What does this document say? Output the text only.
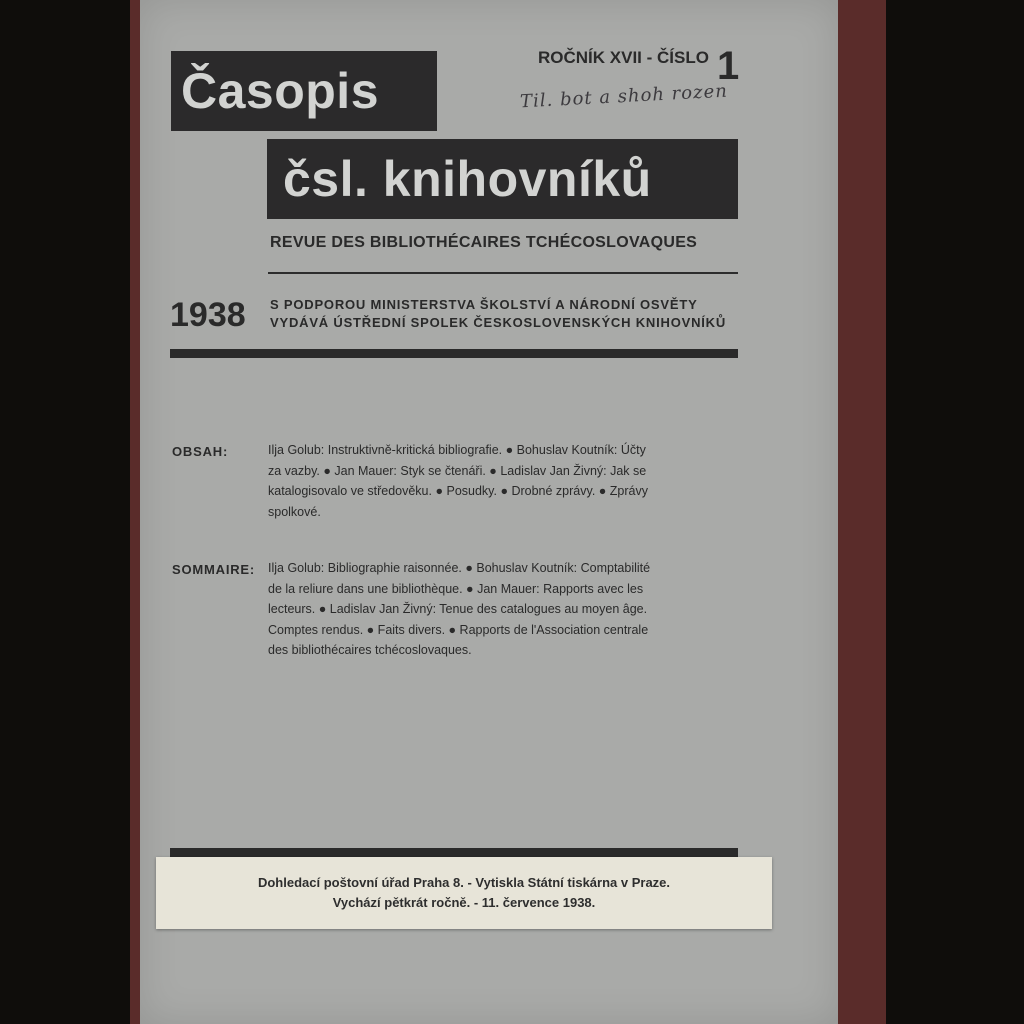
Časopis
čsl. knihovníků
ROČNÍK XVII - ČÍSLO 1
Til. bot a shoh rozen
REVUE DES BIBLIOTHÉCAIRES TCHÉCOSLOVAQUES
1938 S PODPOROU MINISTERSTVA ŠKOLSTVÍ A NÁRODNÍ OSVĚTY
VYDÁVÁ ÚSTŘEDNÍ SPOLEK ČESKOSLOVENSKÝCH KNIHOVNÍKŮ
OBSAH:	Ilja Golub: Instruktivně-kritická bibliografie. ● Bohuslav Koutník: Účty
za vazby. ● Jan Mauer: Styk se čtenáři. ● Ladislav Jan Živný: Jak se
katalogisovalo ve středověku. ● Posudky. ● Drobné zprávy. ● Zprávy
spolkové.
SOMMAIRE: Ilja Golub: Bibliographie raisonnée. ● Bohuslav Koutník: Comptabilité
de la reliure dans une bibliothèque. ● Jan Mauer: Rapports avec les
lecteurs. ● Ladislav Jan Živný: Tenue des catalogues au moyen âge.
Comptes rendus. ● Faits divers. ● Rapports de l'Association centrale
des bibliothécaires tchécoslovaques.
Dohledací poštovní úřad Praha 8. - Vytiskla Státní tiskárna v Praze.
Vychází pětkrát ročně. - 11. července 1938.
